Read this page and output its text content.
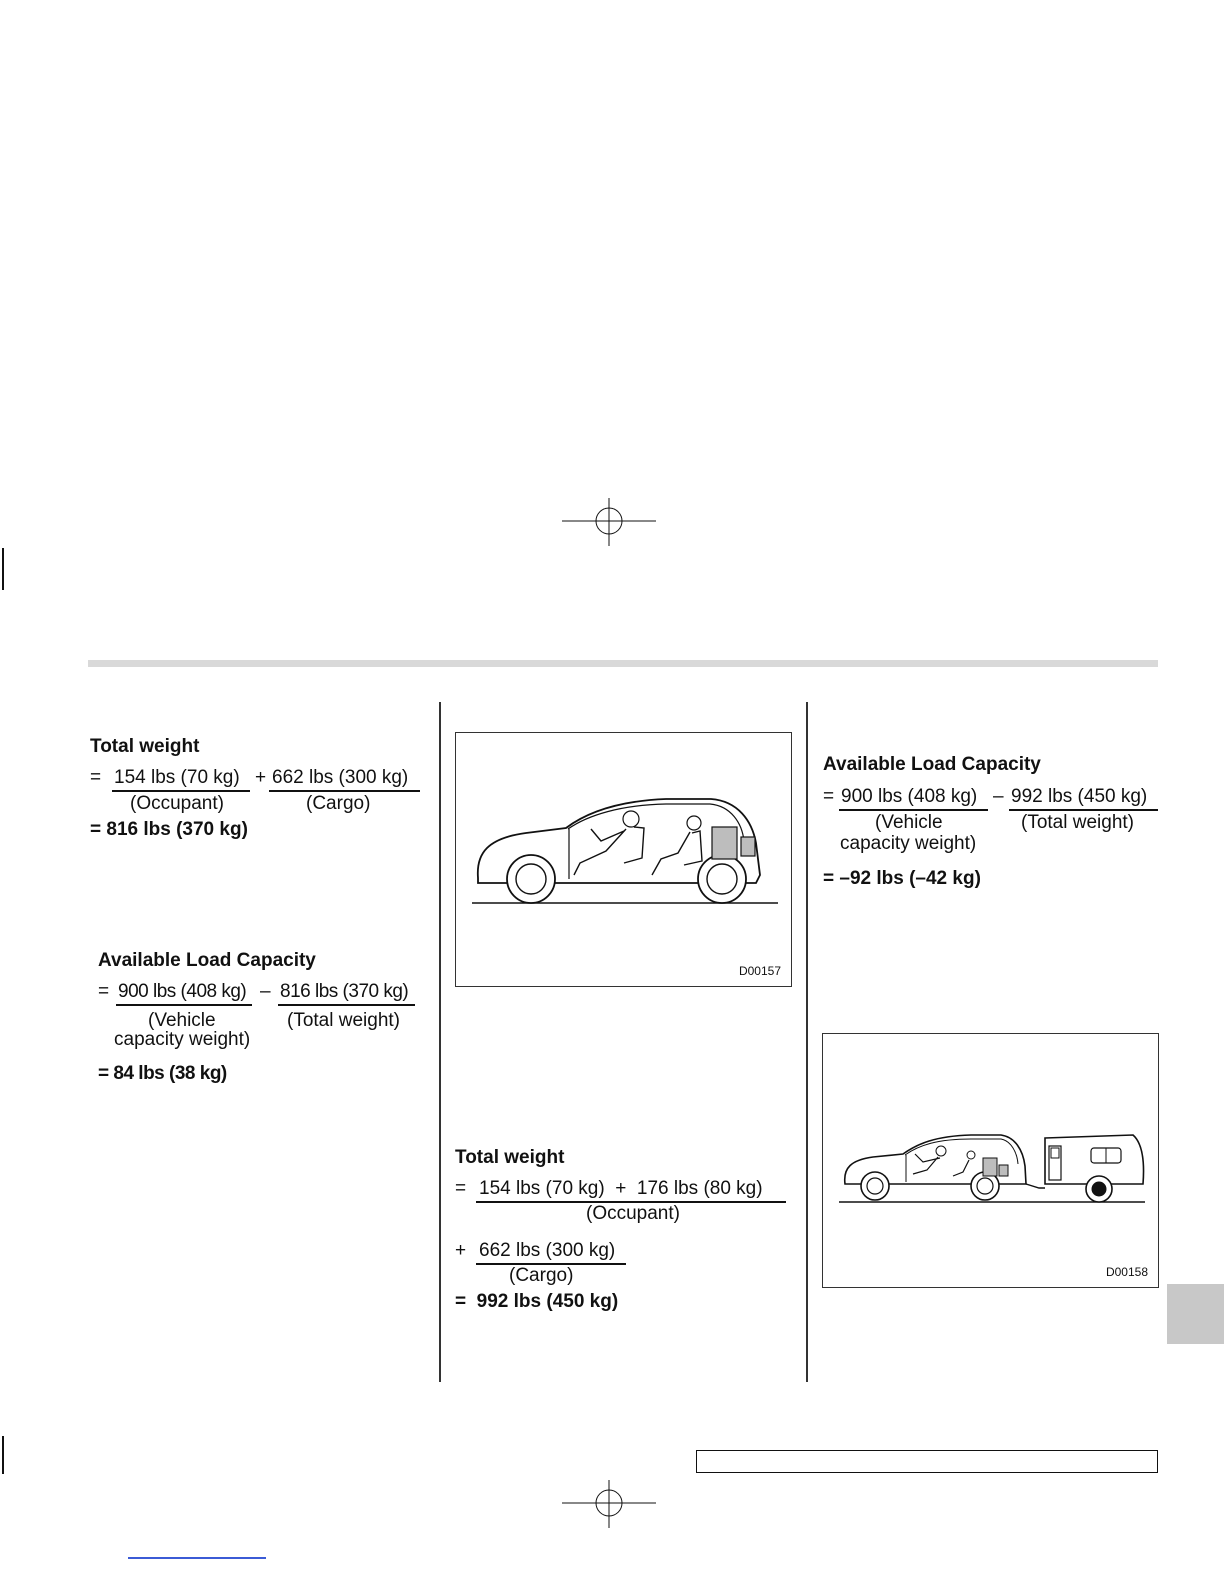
Total weight
= 154 lbs (70 kg) + 662 lbs (300 kg)
(Occupant)	(Cargo)
= 816 lbs (370 kg)
Available Load Capacity
= 900 lbs (408 kg) – 816 lbs (370 kg)
(Vehicle
capacity weight)
(Total weight)
= 84 lbs (38 kg)
D00157
Total weight
= 154 lbs (70 kg)  +  176 lbs (80 kg)
(Occupant)
+ 662 lbs (300 kg)
(Cargo)
=  992 lbs (450 kg)
Available Load Capacity
= 900 lbs (408 kg) – 992 lbs (450 kg)
(Vehicle
capacity weight)
(Total weight)
= –92 lbs (–42 kg)
D00158
